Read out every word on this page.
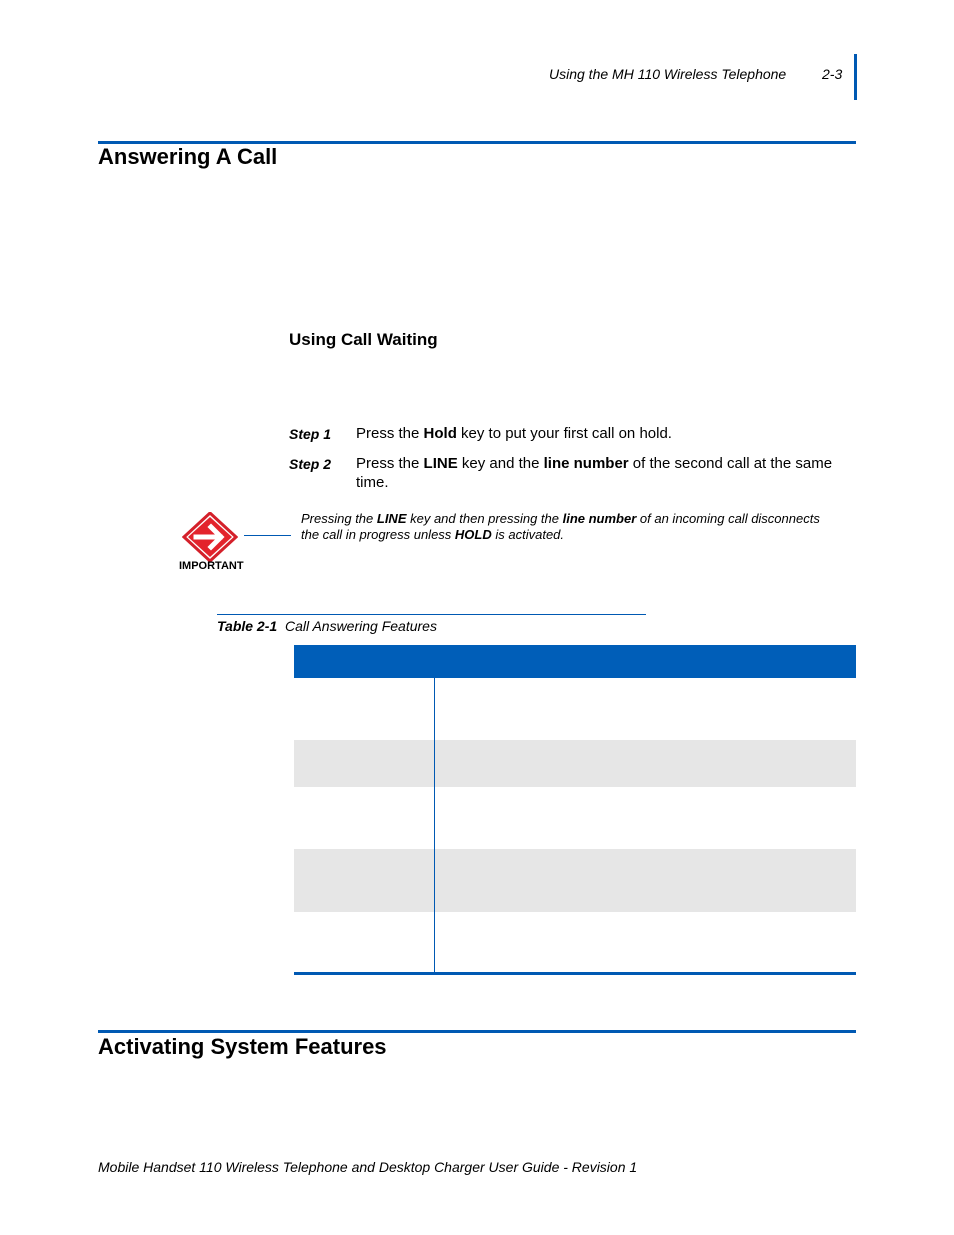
Using the MH 110 Wireless Telephone	2-3
Answering A Call
Using Call Waiting
Step 1 Press the Hold key to put your first call on hold.
Step 2 Press the LINE key and the line number of the second call at the same time.
IMPORTANT
Pressing the LINE key and then pressing the line number of an incoming call disconnects the call in progress unless HOLD is activated.
Table 2-1 Call Answering Features
Activating System Features
Mobile Handset 110 Wireless Telephone and Desktop Charger User Guide - Revision 1
